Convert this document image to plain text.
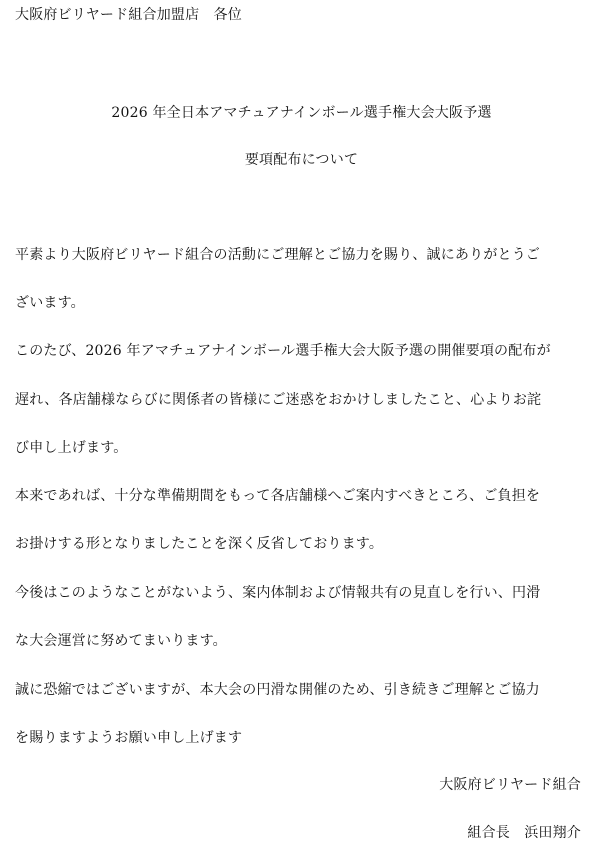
大阪府ビリヤード組合加盟店　各位
2026 年全日本アマチュアナインボール選手権大会大阪予選
要項配布について
平素より大阪府ビリヤード組合の活動にご理解とご協力を賜り、誠にありがとうご
ざいます。
このたび、2026 年アマチュアナインボール選手権大会大阪予選の開催要項の配布が
遅れ、各店舗様ならびに関係者の皆様にご迷惑をおかけしましたこと、心よりお詫
び申し上げます。
本来であれば、十分な準備期間をもって各店舗様へご案内すべきところ、ご負担を
お掛けする形となりましたことを深く反省しております。
今後はこのようなことがないよう、案内体制および情報共有の見直しを行い、円滑
な大会運営に努めてまいります。
誠に恐縮ではございますが、本大会の円滑な開催のため、引き続きご理解とご協力
を賜りますようお願い申し上げます
大阪府ビリヤード組合
組合長　浜田翔介
